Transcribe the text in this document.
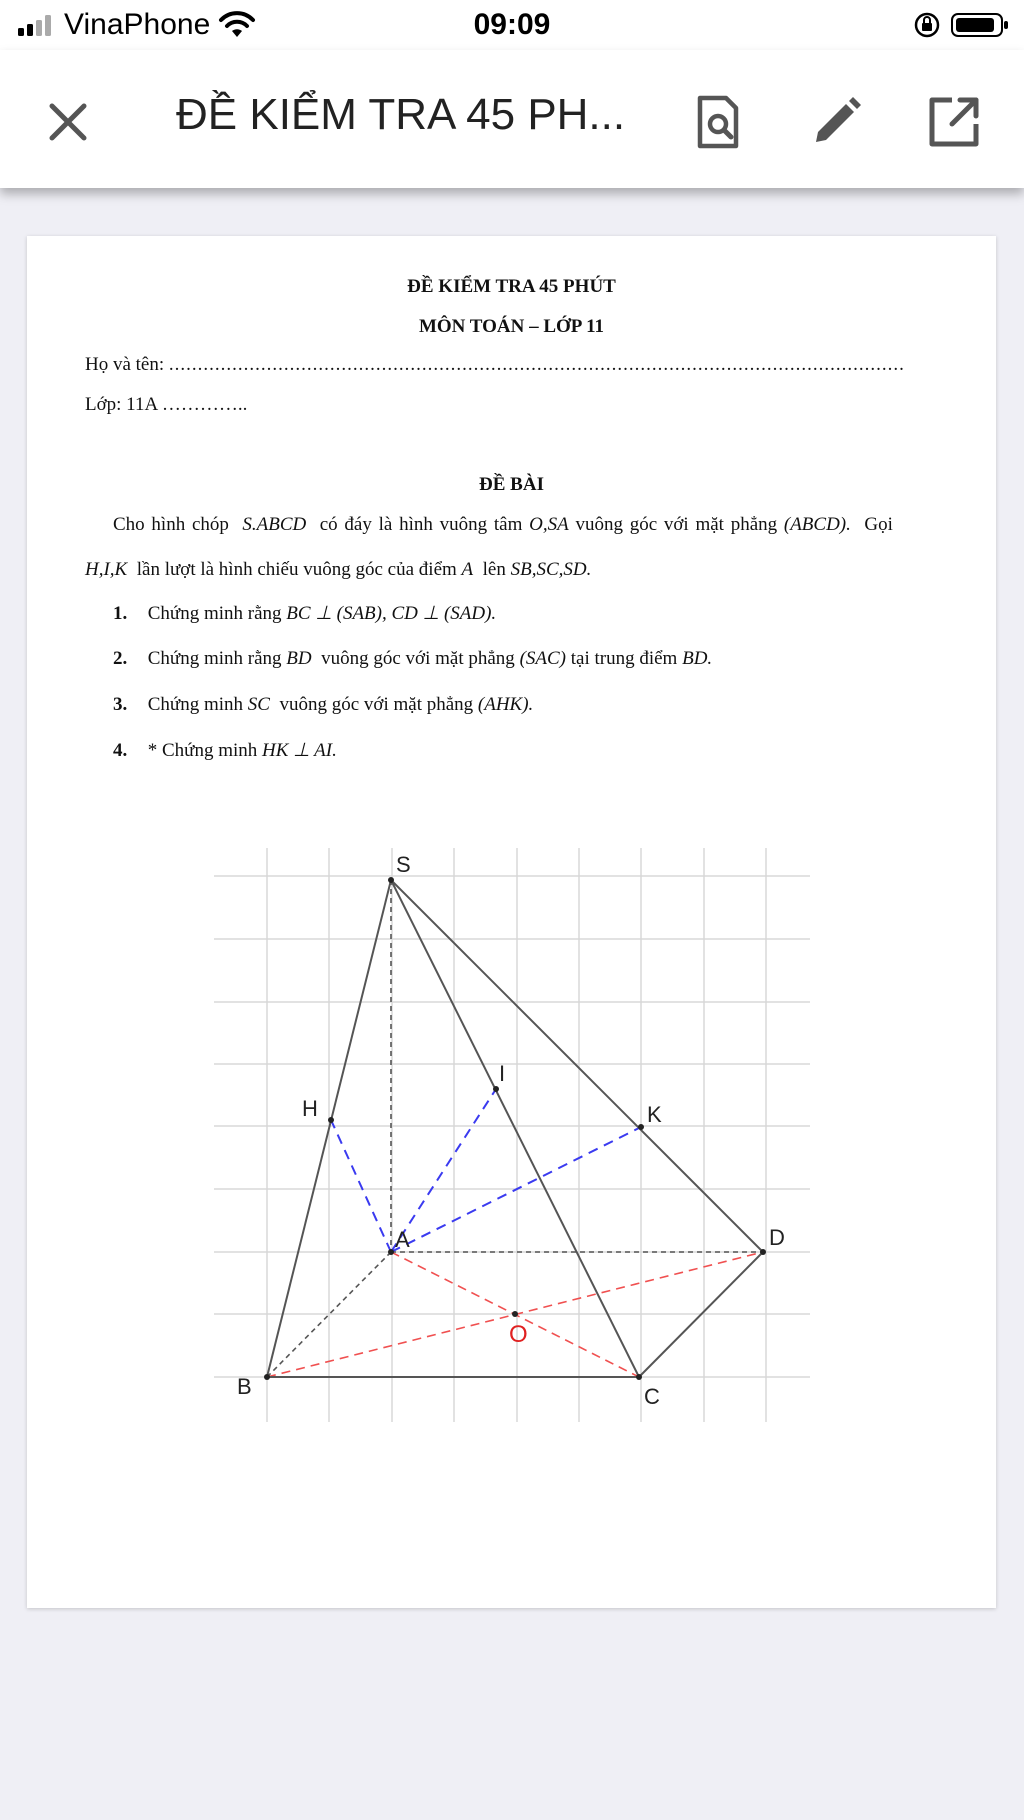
VinaPhone	09:09
ĐỀ KIỂM TRA 45 PH...
ĐỀ KIỂM TRA 45 PHÚT
MÔN TOÁN – LỚP 11
Họ và tên: ................................................................................................................................
Lớp: 11A …………..
ĐỀ BÀI
Cho hình chóp S.ABCD có đáy là hình vuông tâm O,SA vuông góc với mặt phẳng (ABCD). Gọi
H,I,K lần lượt là hình chiếu vuông góc của điểm A lên SB,SC,SD.
1. Chứng minh rằng BC ⊥ (SAB), CD ⊥ (SAD).
2. Chứng minh rằng BD vuông góc với mặt phẳng (SAC) tại trung điểm BD.
3. Chứng minh SC vuông góc với mặt phẳng (AHK).
4. * Chứng minh HK ⊥ AI.
S
H
I
K
A	D
O
B	C
